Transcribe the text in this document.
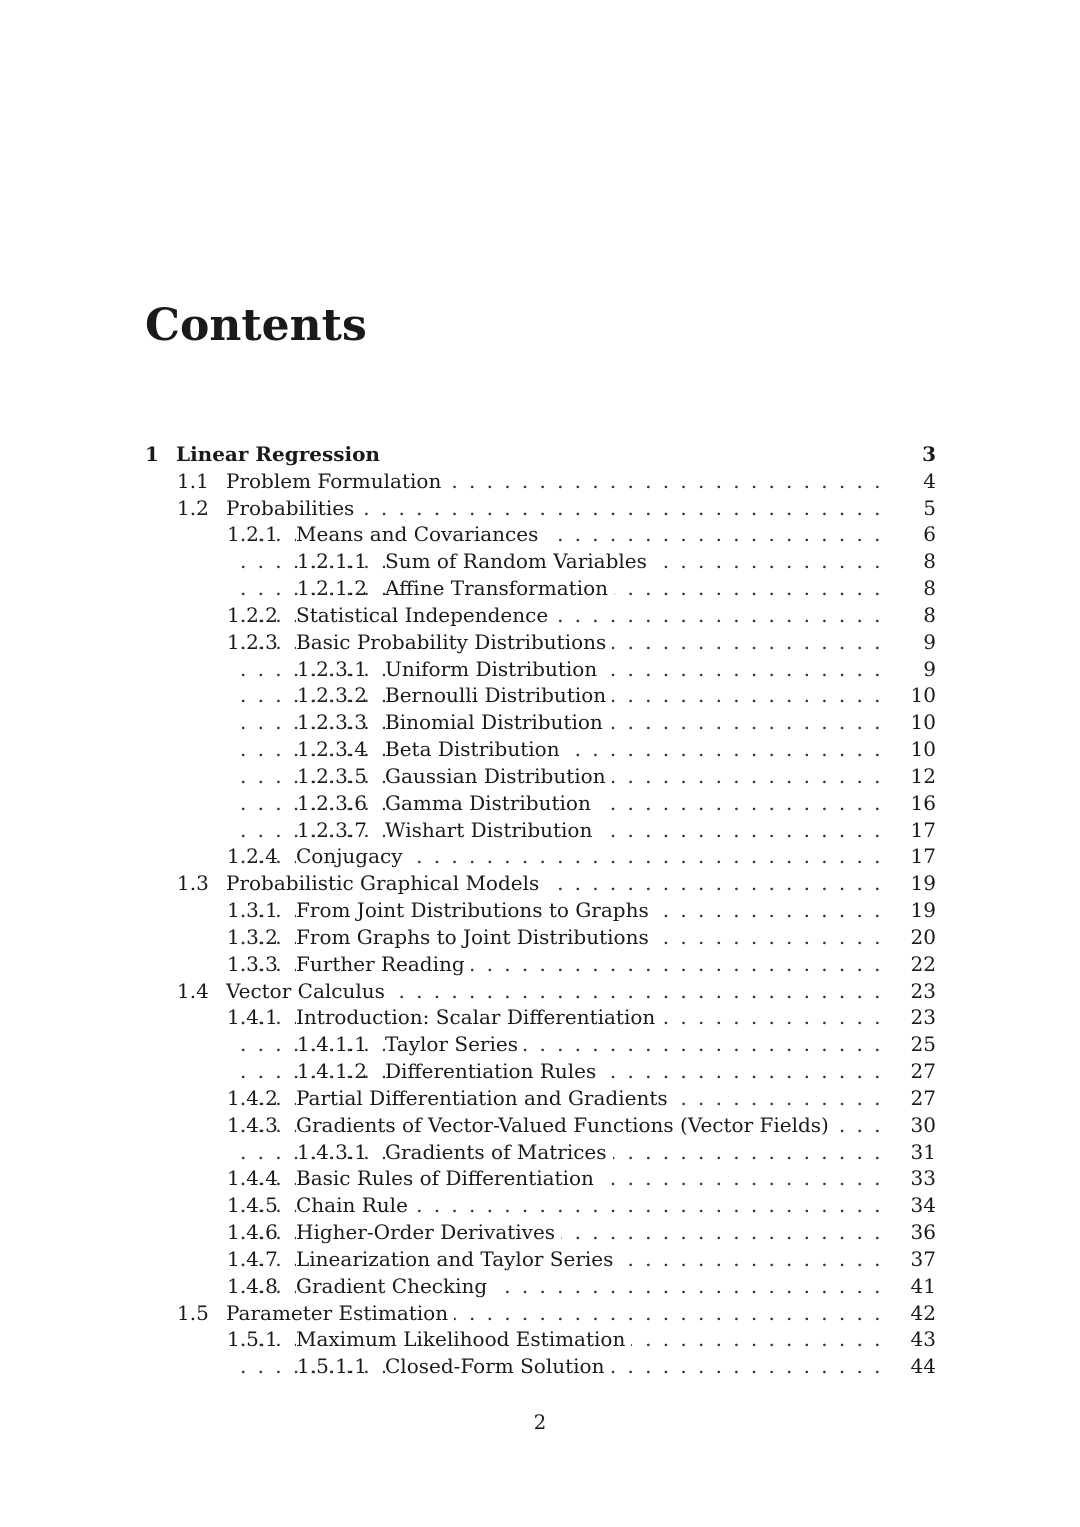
Contents
1 Linear Regression	3
1.1 . . . Problem Formulation	4
1.2 . . . Probabilities	5
1.2.1 . . . Means and Covariances	6
1.2.1.1 . . . Sum of Random Variables	8
1.2.1.2 . . . Affine Transformation	8
1.2.2 . . . Statistical Independence	8
1.2.3 . . . Basic Probability Distributions	9
1.2.3.1 . . . Uniform Distribution	9
1.2.3.2 . . . Bernoulli Distribution	10
1.2.3.3 . . . Binomial Distribution	10
1.2.3.4 . . . Beta Distribution	10
1.2.3.5 . . . Gaussian Distribution	12
1.2.3.6 . . . Gamma Distribution	16
1.2.3.7 . . . Wishart Distribution	17
1.2.4 . . . Conjugacy	17
1.3 . . . Probabilistic Graphical Models	19
1.3.1 . . . From Joint Distributions to Graphs	19
1.3.2 . . . From Graphs to Joint Distributions	20
1.3.3 . . . Further Reading	22
1.4 . . . Vector Calculus	23
1.4.1 . . . Introduction: Scalar Differentiation	23
1.4.1.1 . . . Taylor Series	25
1.4.1.2 . . . Differentiation Rules	27
1.4.2 . . . Partial Differentiation and Gradients	27
1.4.3 . . . Gradients of Vector-Valued Functions (Vector Fields)	30
1.4.3.1 . . . Gradients of Matrices	31
1.4.4 . . . Basic Rules of Differentiation	33
1.4.5 . . . Chain Rule	34
1.4.6 . . . Higher-Order Derivatives	36
1.4.7 . . . Linearization and Taylor Series	37
1.4.8 . . . Gradient Checking	41
1.5 . . . Parameter Estimation	42
1.5.1 . . . Maximum Likelihood Estimation	43
1.5.1.1 . . . Closed-Form Solution	44
2
